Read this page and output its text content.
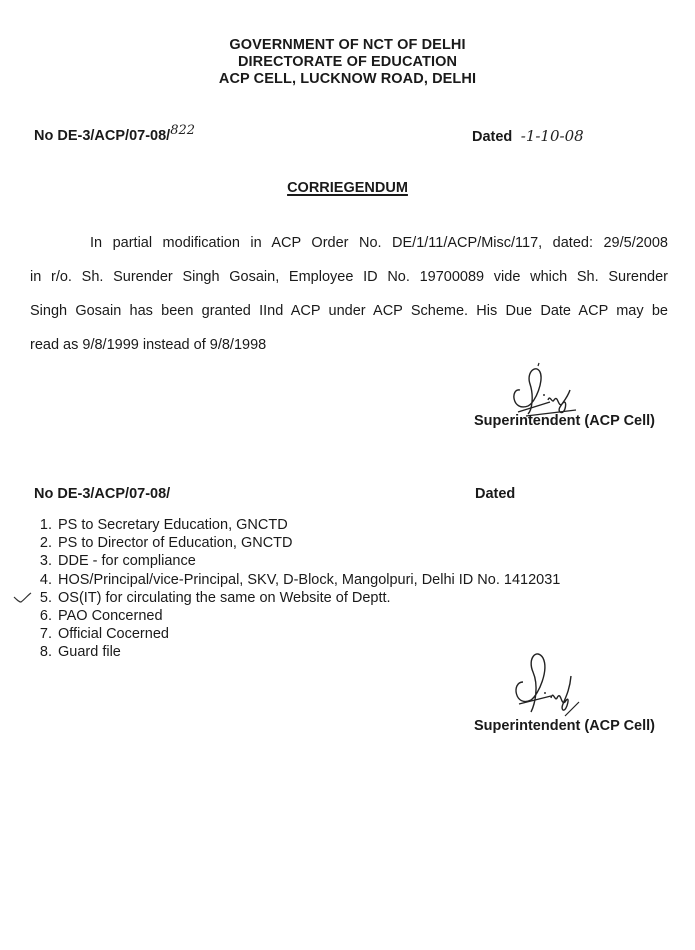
GOVERNMENT OF NCT OF DELHI
DIRECTORATE OF EDUCATION
ACP CELL, LUCKNOW ROAD, DELHI
No DE-3/ACP/07-08/$^{822}$	Dated -1-10-08
CORRIEGENDUM
In partial modification in ACP Order No. DE/1/11/ACP/Misc/117, dated: 29/5/2008
in r/o. Sh. Surender Singh Gosain, Employee ID No. 19700089 vide which Sh. Surender
Singh Gosain has been granted IInd ACP under ACP Scheme. His Due Date ACP may be
read as 9/8/1999 instead of 9/8/1998
Superintendent (ACP Cell)
No DE-3/ACP/07-08/	Dated
1. PS to Secretary Education, GNCTD
2. PS to Director of Education, GNCTD
3. DDE - for compliance
4. HOS/Principal/vice-Principal, SKV, D-Block, Mangolpuri, Delhi ID No. 1412031
5. OS(IT) for circulating the same on Website of Deptt.
6. PAO Concerned
7. Official Cocerned
8. Guard file
Superintendent (ACP Cell)
